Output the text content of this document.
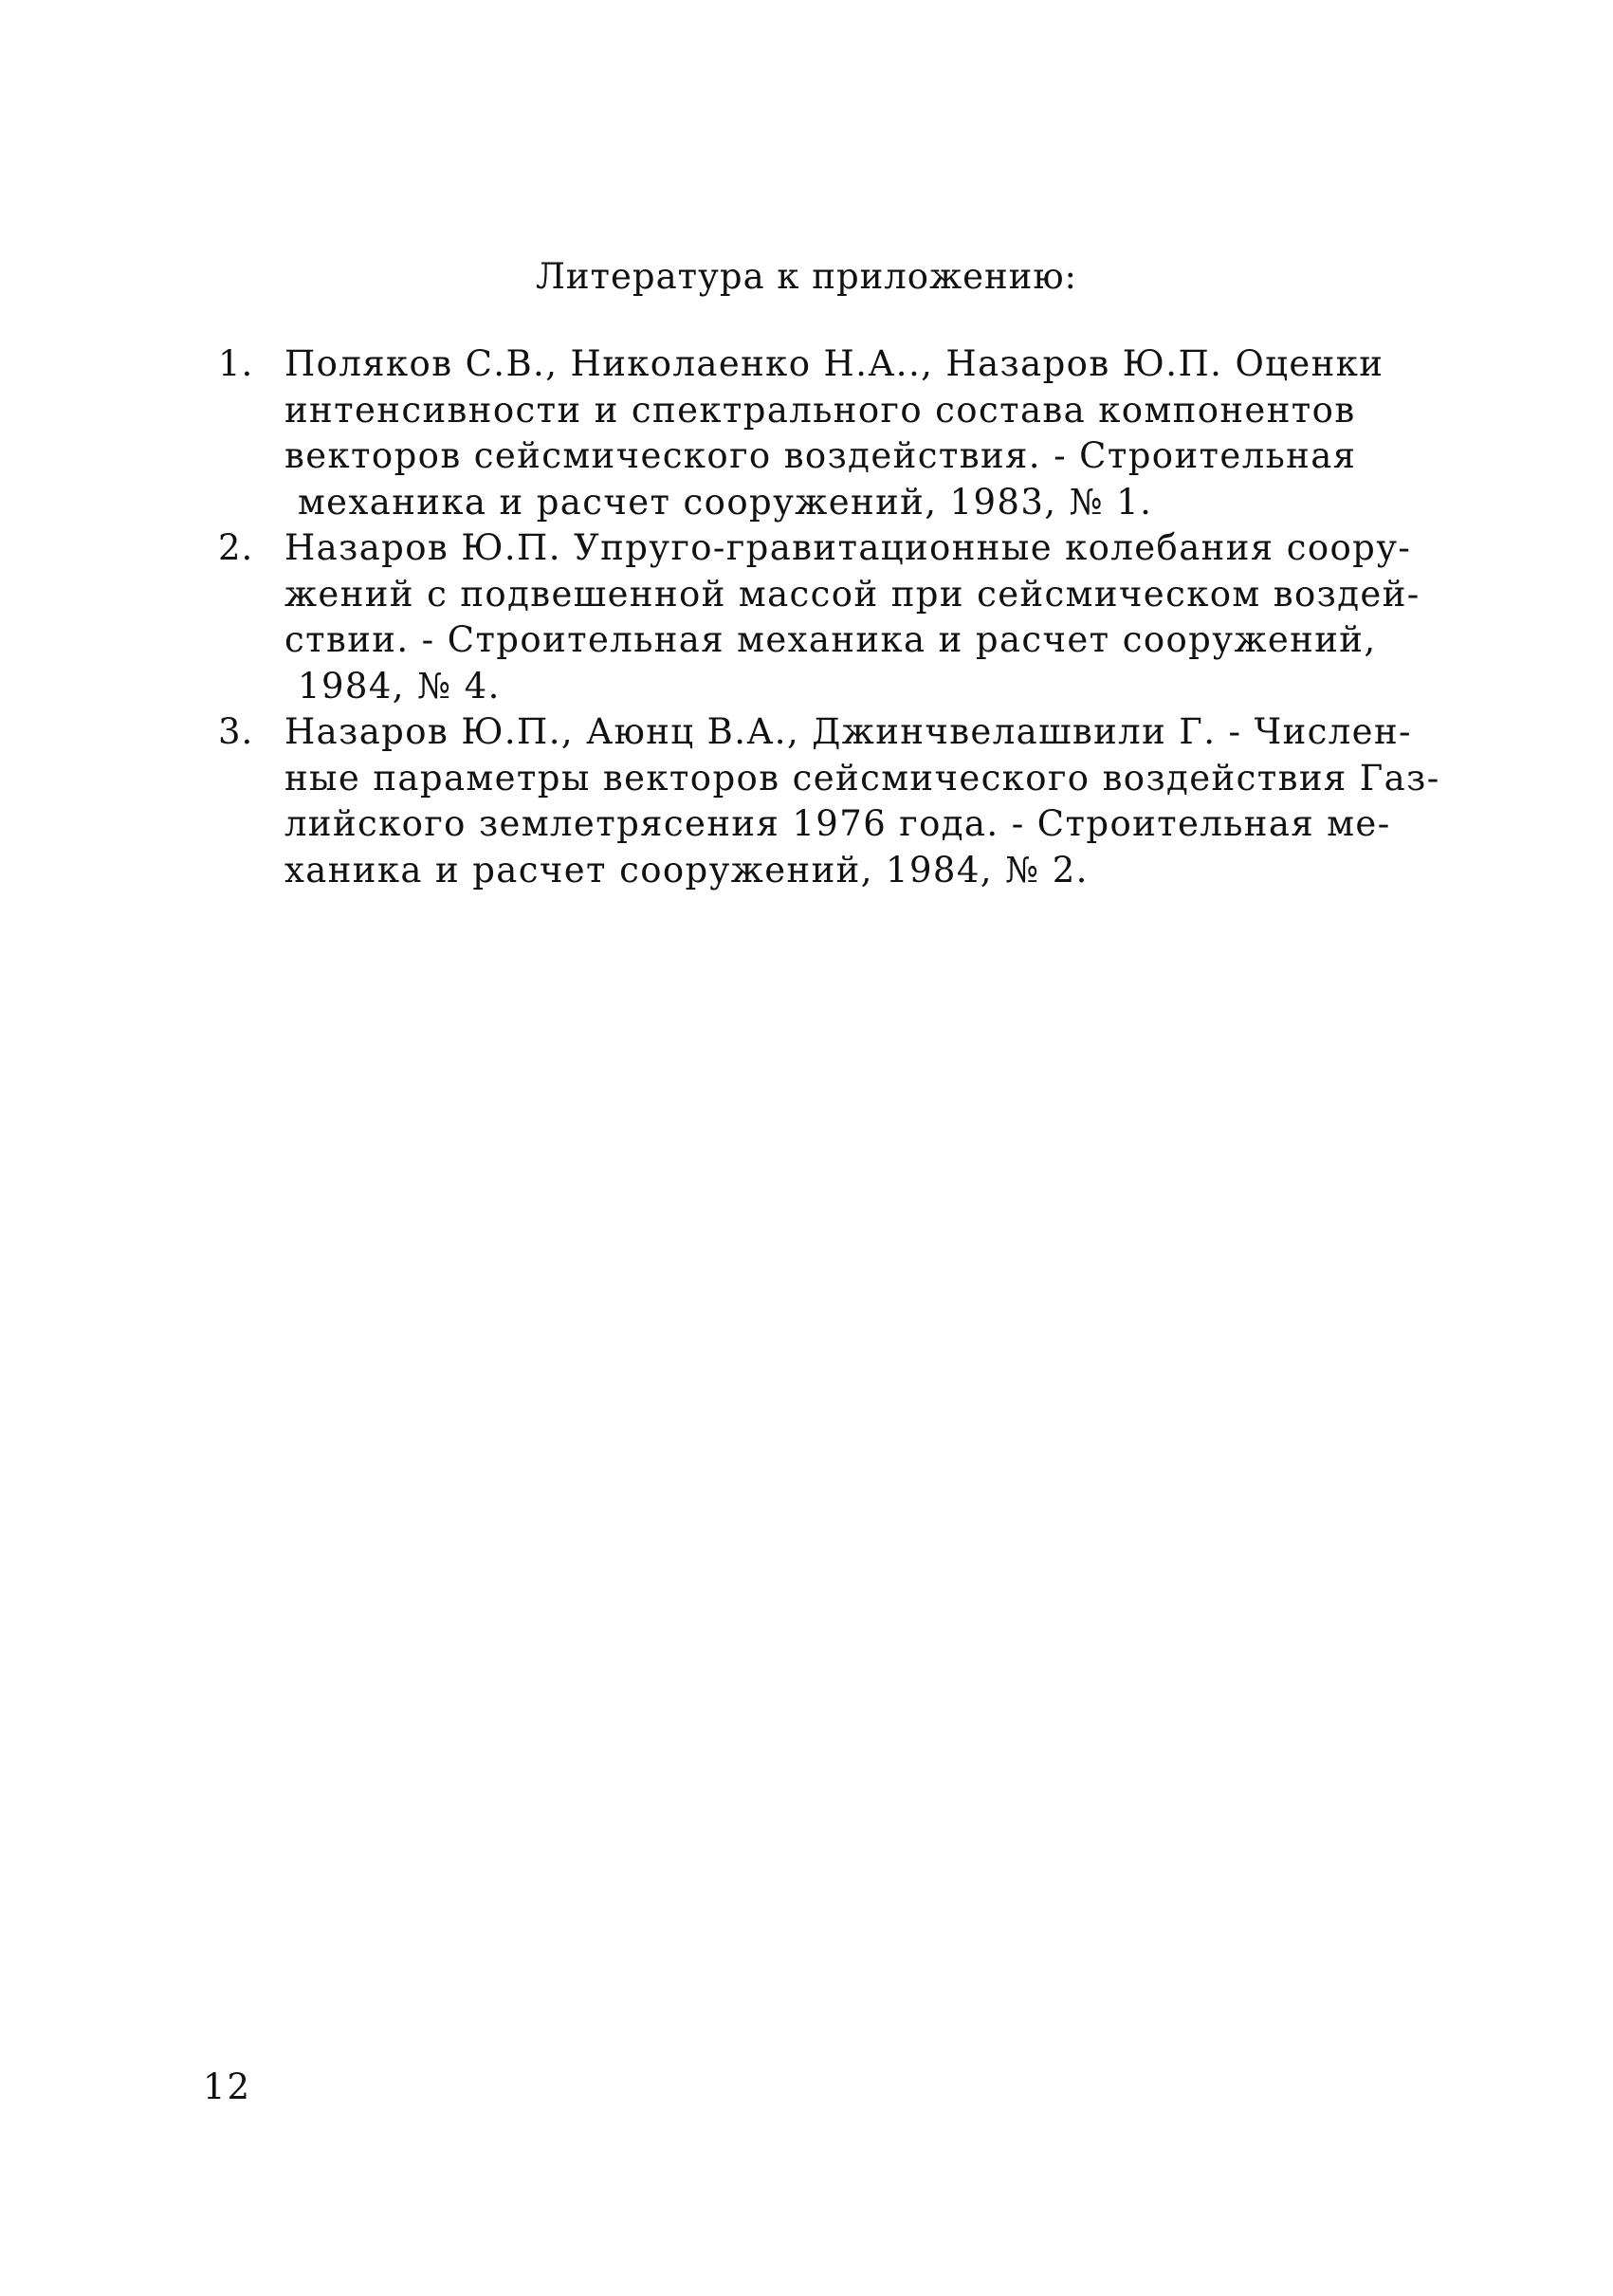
Литература к приложению:
1. Поляков С.В., Николаенко Н.А.., Назаров Ю.П. Оценки
интенсивности и спектрального состава компонентов
векторов сейсмического воздействия. - Строительная
механика и расчет сооружений, 1983, № 1.
2. Назаров Ю.П. Упруго-гравитационные колебания соору-
жений с подвешенной массой при сейсмическом воздей-
ствии. - Строительная механика и расчет сооружений,
1984, № 4.
3. Назаров Ю.П., Аюнц В.А., Джинчвелашвили Г. - Числен-
ные параметры векторов сейсмического воздействия Газ-
лийского землетрясения 1976 года. - Строительная ме-
ханика и расчет сооружений, 1984, № 2.
12
